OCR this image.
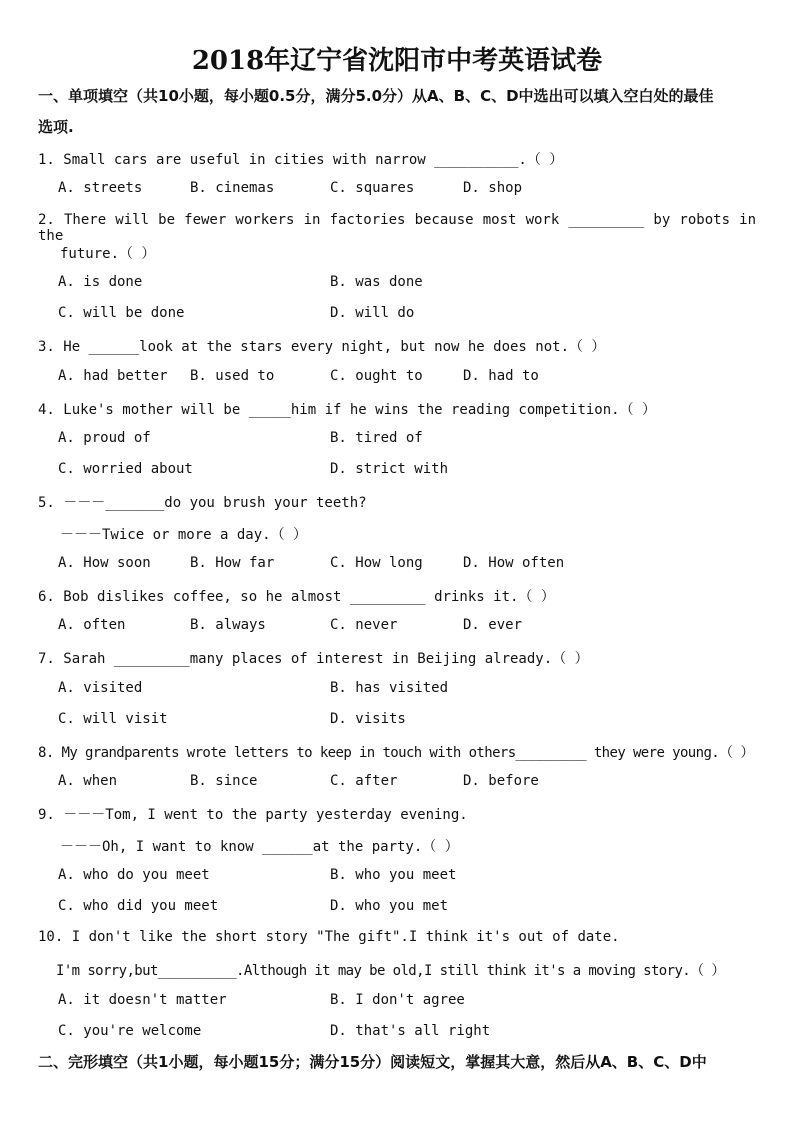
2018年辽宁省沈阳市中考英语试卷
一、单项填空（共10小题，每小题0.5分，满分5.0分）从A、B、C、D中选出可以填入空白处的最佳
选项.
1. Small cars are useful in cities with narrow __________.（ ）
A. streets	B. cinemas	C. squares	D. shop
2. There will be fewer workers in factories because most work _________ by robots in the
future.（ ）
A. is done	B. was done
C. will be done	D. will do
3. He ______look at the stars every night, but now he does not.（ ）
A. had better B. used to	C. ought to	D. had to
4. Luke's mother will be _____him if he wins the reading competition.（ ）
A. proud of	B. tired of
C. worried about	D. strict with
5. －－－_______do you brush your teeth?
－－－Twice or more a day.（ ）
A. How soon	B. How far	C. How long	D. How often
6. Bob dislikes coffee, so he almost _________ drinks it.（ ）
A. often	B. always	C. never	D. ever
7. Sarah _________many places of interest in Beijing already.（ ）
A. visited	B. has visited
C. will visit	D. visits
8. My grandparents wrote letters to keep in touch with others_________ they were young.（ ）
A. when	B. since	C. after	D. before
9. －－－Tom, I went to the party yesterday evening.
－－－Oh, I want to know ______at the party.（ ）
A. who do you meet	B. who you meet
C. who did you meet	D. who you met
10. I don't like the short story "The gift".I think it's out of date.
I'm sorry,but__________.Although it may be old,I still think it's a moving story.（ ）
A. it doesn't matter	B. I don't agree
C. you're welcome	D. that's all right
二、完形填空（共1小题，每小题15分；满分15分）阅读短文，掌握其大意，然后从A、B、C、D中
